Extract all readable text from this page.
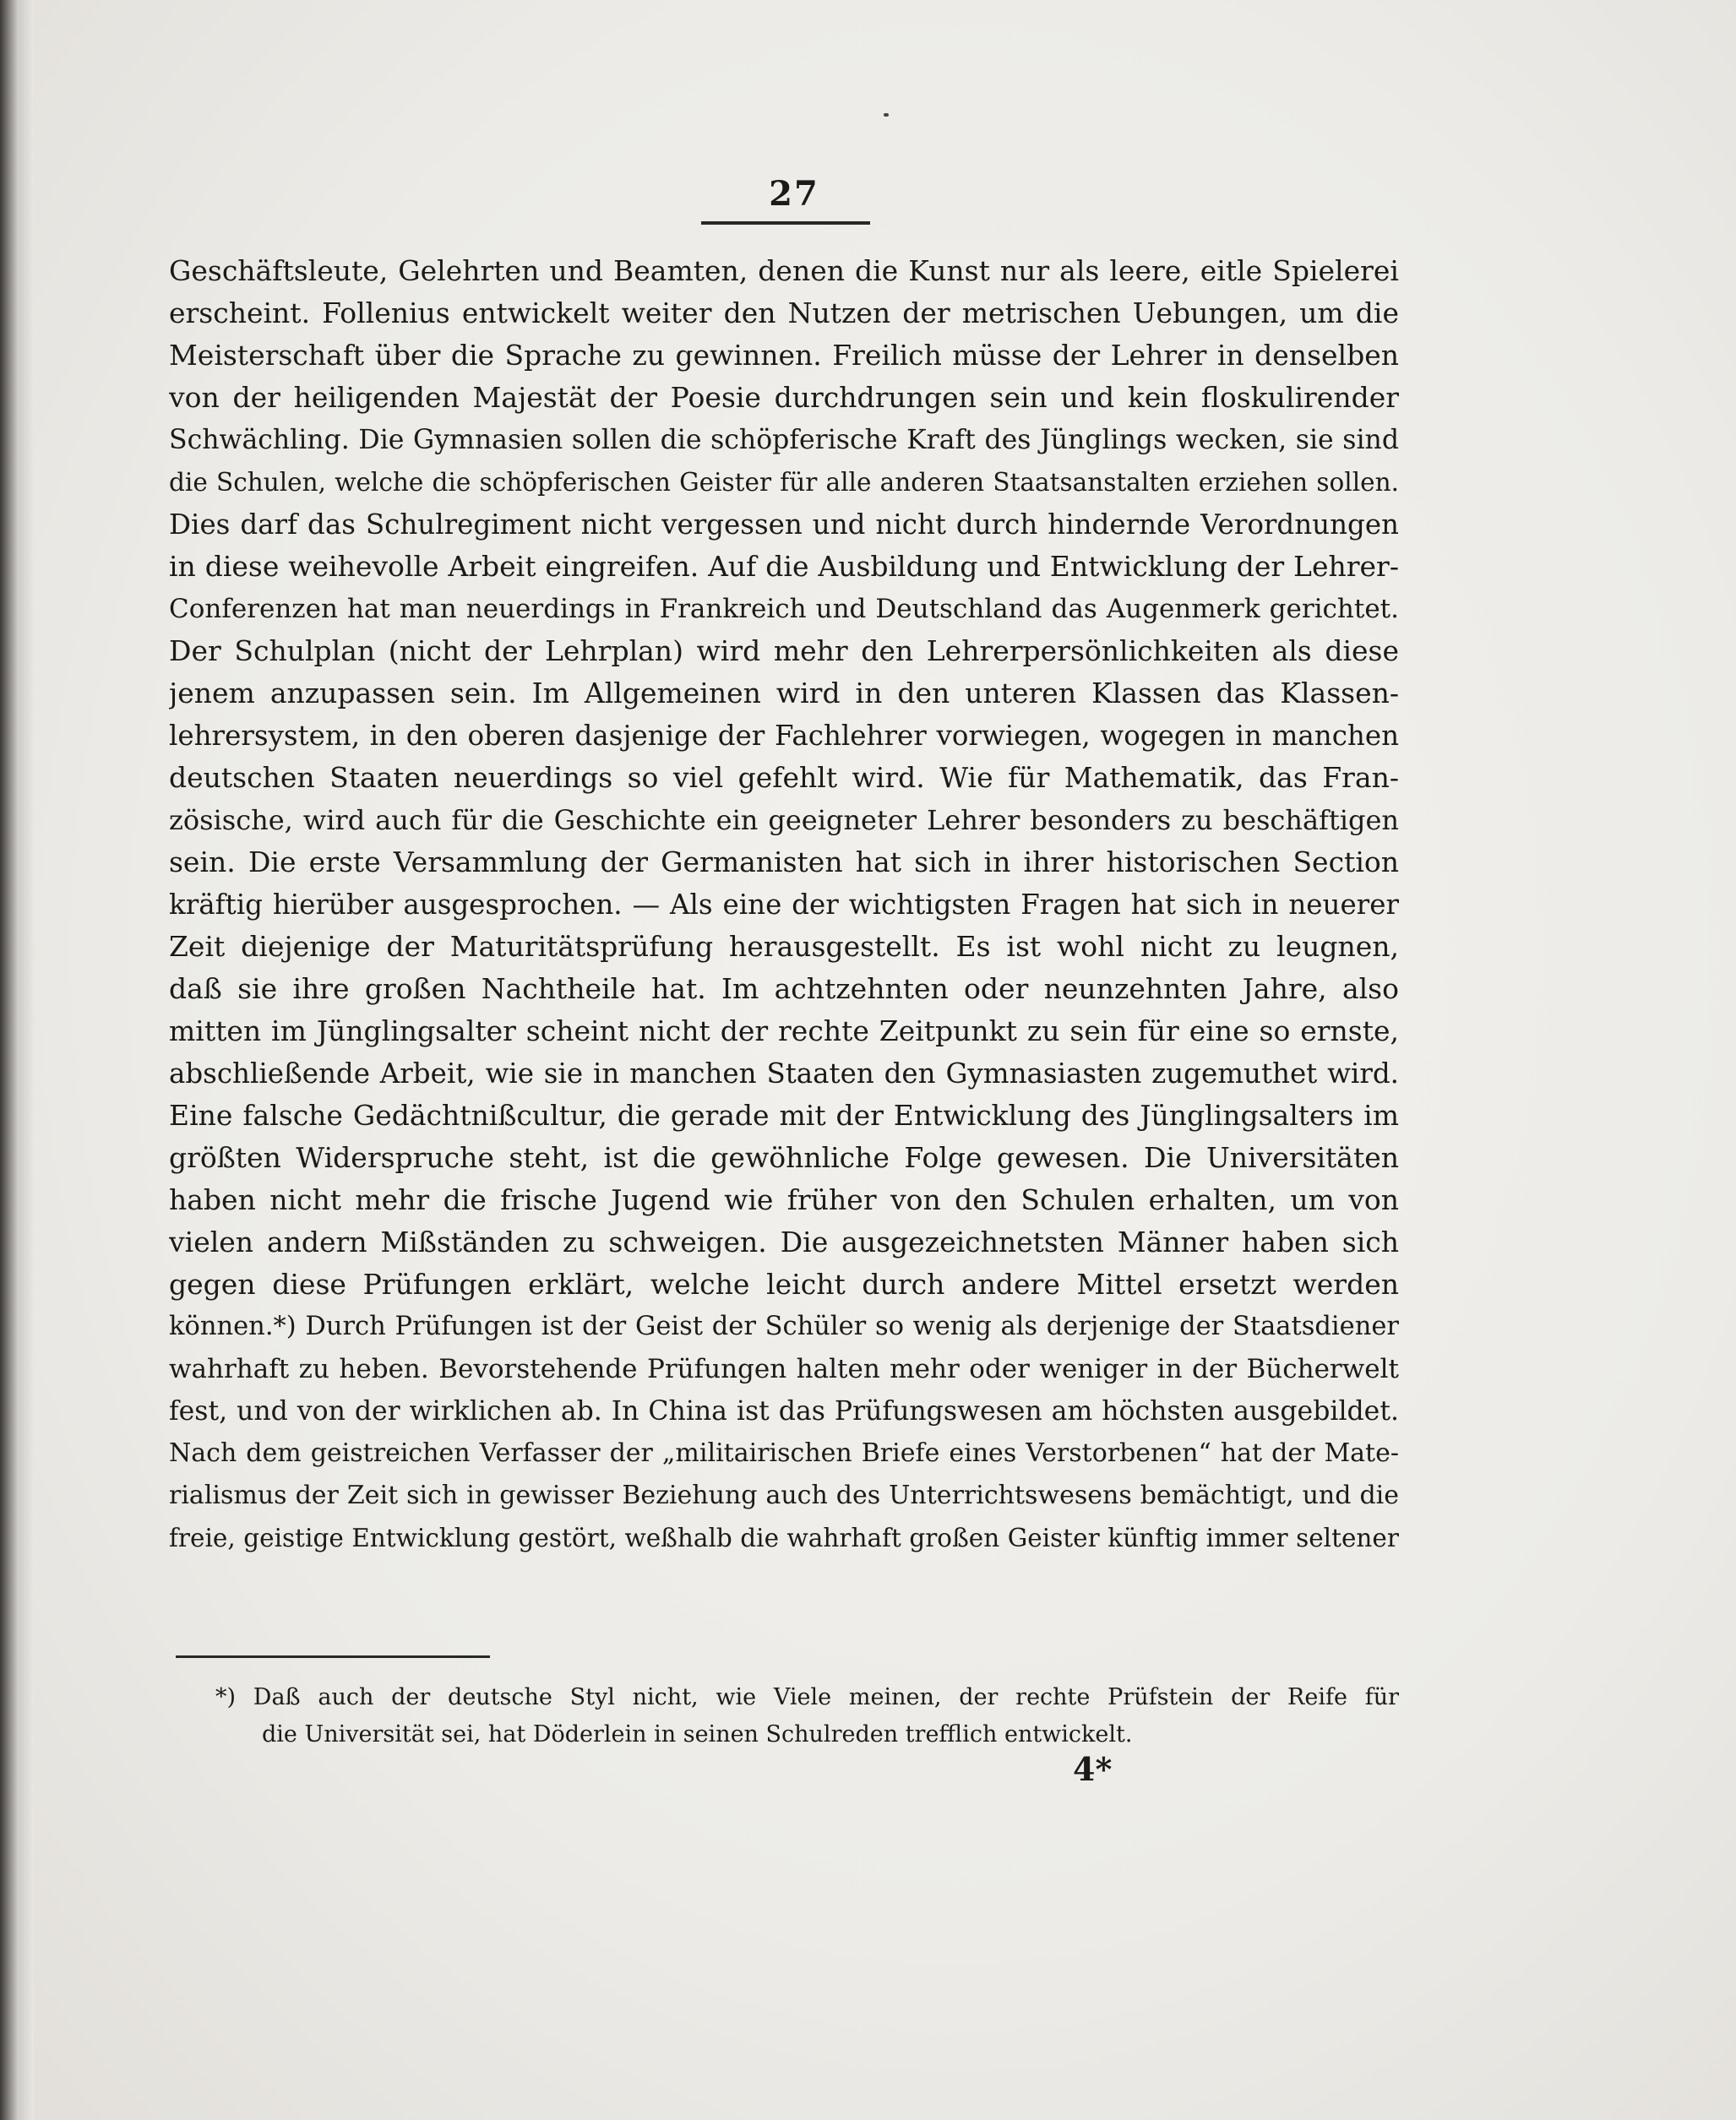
27
Geschäftsleute, Gelehrten und Beamten, denen die Kunst nur als leere, eitle Spielerei
erscheint. Follenius entwickelt weiter den Nutzen der metrischen Uebungen, um die
Meisterschaft über die Sprache zu gewinnen. Freilich müsse der Lehrer in denselben
von der heiligenden Majestät der Poesie durchdrungen sein und kein floskulirender
Schwächling. Die Gymnasien sollen die schöpferische Kraft des Jünglings wecken, sie sind
die Schulen, welche die schöpferischen Geister für alle anderen Staatsanstalten erziehen sollen.
Dies darf das Schulregiment nicht vergessen und nicht durch hindernde Verordnungen
in diese weihevolle Arbeit eingreifen. Auf die Ausbildung und Entwicklung der Lehrer-
Conferenzen hat man neuerdings in Frankreich und Deutschland das Augenmerk gerichtet.
Der Schulplan (nicht der Lehrplan) wird mehr den Lehrerpersönlichkeiten als diese
jenem anzupassen sein. Im Allgemeinen wird in den unteren Klassen das Klassen-
lehrersystem, in den oberen dasjenige der Fachlehrer vorwiegen, wogegen in manchen
deutschen Staaten neuerdings so viel gefehlt wird. Wie für Mathematik, das Fran-
zösische, wird auch für die Geschichte ein geeigneter Lehrer besonders zu beschäftigen
sein. Die erste Versammlung der Germanisten hat sich in ihrer historischen Section
kräftig hierüber ausgesprochen. — Als eine der wichtigsten Fragen hat sich in neuerer
Zeit diejenige der Maturitätsprüfung herausgestellt. Es ist wohl nicht zu leugnen,
daß sie ihre großen Nachtheile hat. Im achtzehnten oder neunzehnten Jahre, also
mitten im Jünglingsalter scheint nicht der rechte Zeitpunkt zu sein für eine so ernste,
abschließende Arbeit, wie sie in manchen Staaten den Gymnasiasten zugemuthet wird.
Eine falsche Gedächtnißcultur, die gerade mit der Entwicklung des Jünglingsalters im
größten Widerspruche steht, ist die gewöhnliche Folge gewesen. Die Universitäten
haben nicht mehr die frische Jugend wie früher von den Schulen erhalten, um von
vielen andern Mißständen zu schweigen. Die ausgezeichnetsten Männer haben sich
gegen diese Prüfungen erklärt, welche leicht durch andere Mittel ersetzt werden
können.*) Durch Prüfungen ist der Geist der Schüler so wenig als derjenige der Staatsdiener
wahrhaft zu heben. Bevorstehende Prüfungen halten mehr oder weniger in der Bücherwelt
fest, und von der wirklichen ab. In China ist das Prüfungswesen am höchsten ausgebildet.
Nach dem geistreichen Verfasser der „militairischen Briefe eines Verstorbenen“ hat der Mate-
rialismus der Zeit sich in gewisser Beziehung auch des Unterrichtswesens bemächtigt, und die
freie, geistige Entwicklung gestört, weßhalb die wahrhaft großen Geister künftig immer seltener
*) Daß auch der deutsche Styl nicht, wie Viele meinen, der rechte Prüfstein der Reife für
die Universität sei, hat Döderlein in seinen Schulreden trefflich entwickelt.
4*
